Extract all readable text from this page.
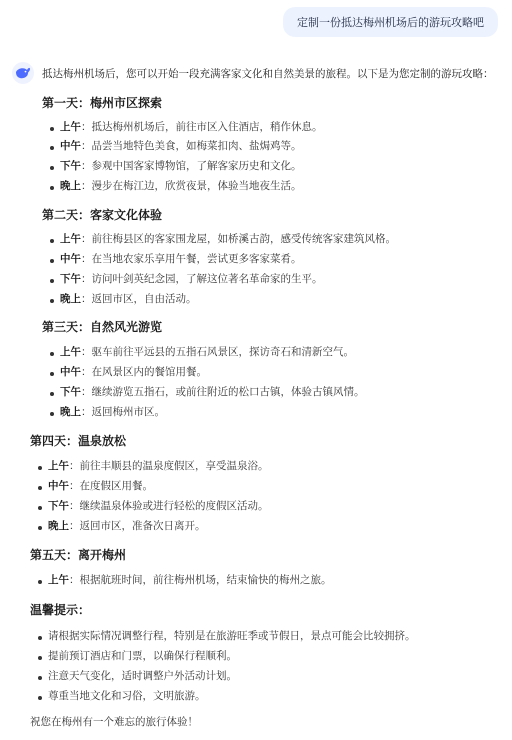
定制一份抵达梅州机场后的游玩攻略吧
抵达梅州机场后，您可以开始一段充满客家文化和自然美景的旅程。以下是为您定制的游玩攻略：
第一天：梅州市区探索
上午：抵达梅州机场后，前往市区入住酒店，稍作休息。
中午：品尝当地特色美食，如梅菜扣肉、盐焗鸡等。
下午：参观中国客家博物馆，了解客家历史和文化。
晚上：漫步在梅江边，欣赏夜景，体验当地夜生活。
第二天：客家文化体验
上午：前往梅县区的客家围龙屋，如桥溪古韵，感受传统客家建筑风格。
中午：在当地农家乐享用午餐，尝试更多客家菜肴。
下午：访问叶剑英纪念园，了解这位著名革命家的生平。
晚上：返回市区，自由活动。
第三天：自然风光游览
上午：驱车前往平远县的五指石风景区，探访奇石和清新空气。
中午：在风景区内的餐馆用餐。
下午：继续游览五指石，或前往附近的松口古镇，体验古镇风情。
晚上：返回梅州市区。
第四天：温泉放松
上午：前往丰顺县的温泉度假区，享受温泉浴。
中午：在度假区用餐。
下午：继续温泉体验或进行轻松的度假区活动。
晚上：返回市区，准备次日离开。
第五天：离开梅州
上午：根据航班时间，前往梅州机场，结束愉快的梅州之旅。
温馨提示：
请根据实际情况调整行程，特别是在旅游旺季或节假日，景点可能会比较拥挤。
提前预订酒店和门票，以确保行程顺利。
注意天气变化，适时调整户外活动计划。
尊重当地文化和习俗，文明旅游。
祝您在梅州有一个难忘的旅行体验！
